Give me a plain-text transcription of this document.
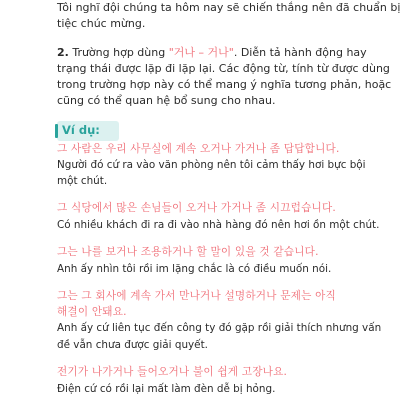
Tôi nghĩ đội chúng ta hôm nay sẽ chiến thắng nên đã chuẩn bị
tiệc chúc mừng.
2. Trường hợp dùng "거나 – 거나". Diễn tả hành động hay
trạng thái được lặp đi lặp lại. Các động từ, tính từ được dùng
trong trường hợp này có thể mang ý nghĩa tương phản, hoặc
cũng có thể quan hệ bổ sung cho nhau.
Ví dụ:
그 사람은 우리 사무실에 계속 오거나 가거나 좀 답답합니다.
Người đó cứ ra vào văn phòng nên tôi cảm thấy hơi bực bội
một chút.
그 식당에서 많은 손님들이 오거나 가거나 좀 시끄럽습니다.
Có nhiều khách đi ra đi vào nhà hàng đó nên hơi ồn một chút.
그는 나를 보거나 조용하거나 할 말이 있을 것 같습니다.
Anh ấy nhìn tôi rồi im lặng chắc là có điều muốn nói.
그는 그 회사에 계속 가서 만나거나 설명하거나 문제는 아직
해결이 안돼요.
Anh ấy cứ liên tục đến công ty đó gặp rồi giải thích nhưng vấn
đề vẫn chưa được giải quyết.
전기가 나가거나 들어오거나 불이 쉽게 고장나요.
Điện cứ có rồi lại mất làm đèn dễ bị hỏng.
